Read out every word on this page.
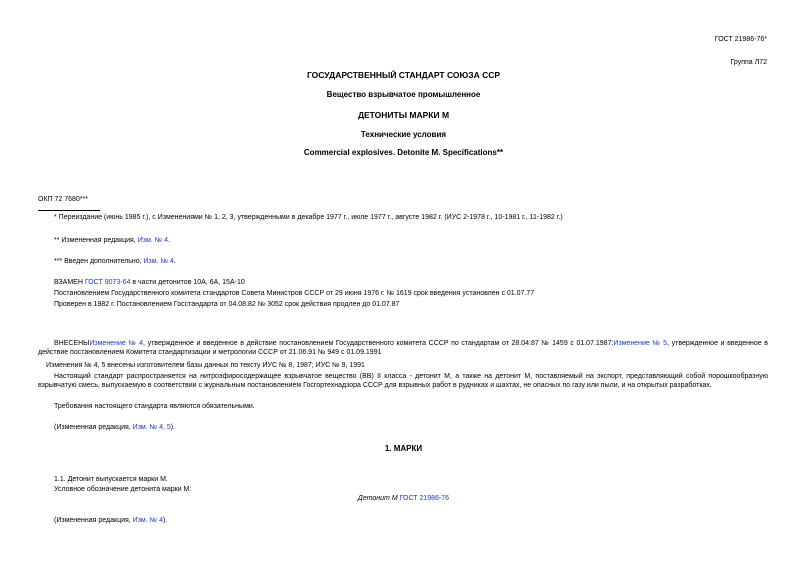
ГОСТ 21986-76*
Группа Л72
ГОСУДАРСТВЕННЫЙ СТАНДАРТ СОЮЗА ССР
Вещество взрывчатое промышленное
ДЕТОНИТЫ МАРКИ М
Технические условия
Commercial explosives. Detonite M. Specifications**
ОКП 72 7680***
* Переиздание (июнь 1985 г.), с Изменениями № 1, 2, 3, утвержденными в декабре 1977 г., июле 1977 г., августе 1982 г. (ИУС 2-1978 г., 10-1981 г., 11-1982 г.)
** Измененная редакция, Изм. № 4.
*** Введен дополнительно, Изм. № 4.
ВЗАМЕН ГОСТ 9073-64 в части детонитов 10А, 6А, 15А-10
Постановлением Государственного комитета стандартов Совета Министров СССР от 29 июня 1976 г. № 1619 срок введения установлен с 01.07.77
Проверен в 1982 г. Постановлением Госстандарта от 04.08.82 № 3052 срок действия продлен до 01.07.87
ВНЕСЕНЫИзменение № 4, утвержденное и введенное в действие постановлением Государственного комитета СССР по стандартам от 28.04.87 № 1459 с 01.07.1987;Изменение № 5, утвержденное и введенное в действие постановлением Комитета стандартизации и метрологии СССР от 21.06.91 № 949 с 01.09.1991
Изменения № 4, 5 внесены изготовителем базы данных по тексту ИУС № 8, 1987; ИУС № 9, 1991
Настоящий стандарт распространяется на нитроэфиросодержащее взрывчатое вещество (ВВ) II класса - детонит М, а также на детонит М, поставляемый на экспорт, представляющий собой порошкообразную взрывчатую смесь, выпускаемую в соответствии с журнальным постановлением Госгортехнадзора СССР для взрывных работ в рудниках и шахтах, не опасных по газу или пыли, и на открытых разработках.
Требования настоящего стандарта являются обязательными.
(Измененная редакция, Изм. № 4, 5).
1. МАРКИ
1.1. Детонит выпускается марки М.
Условное обозначение детонита марки М:
Детонит М ГОСТ 21986-76
(Измененная редакция, Изм. № 4).
